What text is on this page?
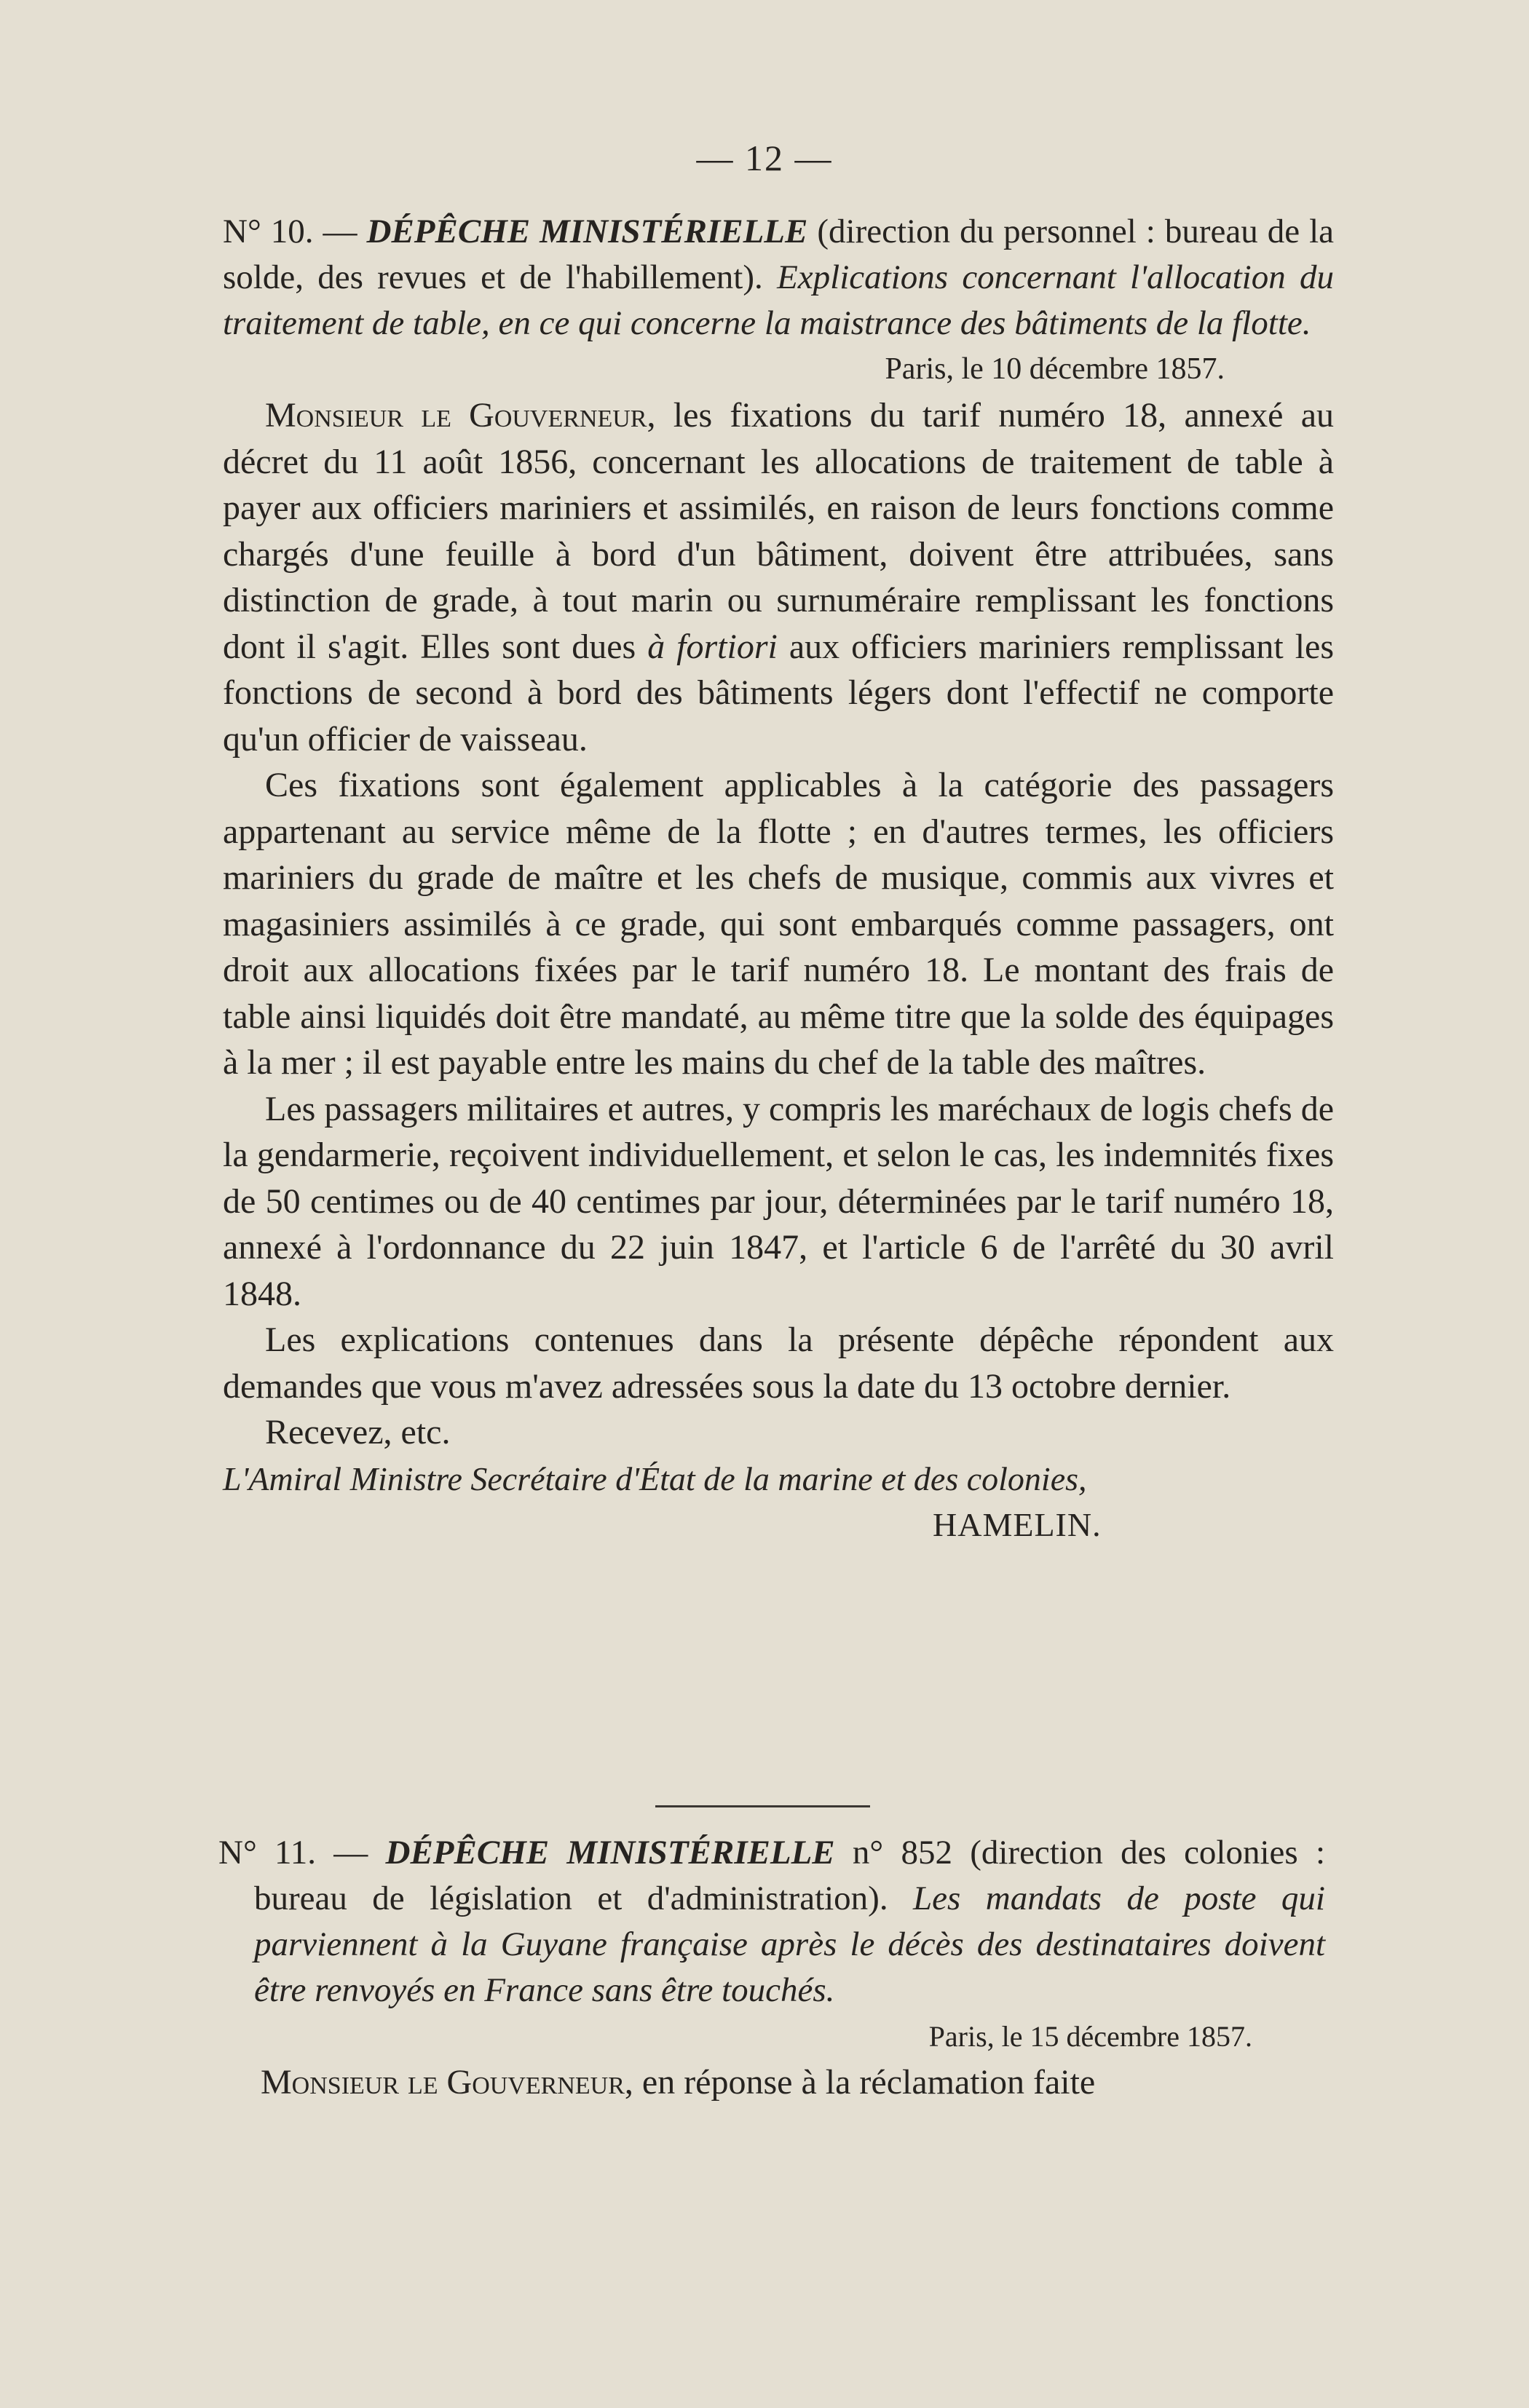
— 12 —

N° 10. — DÉPÊCHE MINISTÉRIELLE (direction du personnel : bureau de la solde, des revues et de l'habillement). Explications concernant l'allocation du traitement de table, en ce qui concerne la maistrance des bâtiments de la flotte.

Paris, le 10 décembre 1857.

Monsieur le Gouverneur, les fixations du tarif numéro 18, annexé au décret du 11 août 1856, concernant les allocations de traitement de table à payer aux officiers mariniers et assimilés, en raison de leurs fonctions comme chargés d'une feuille à bord d'un bâtiment, doivent être attribuées, sans distinction de grade, à tout marin ou surnuméraire remplissant les fonctions dont il s'agit. Elles sont dues à fortiori aux officiers mariniers remplissant les fonctions de second à bord des bâtiments légers dont l'effectif ne comporte qu'un officier de vaisseau.

Ces fixations sont également applicables à la catégorie des passagers appartenant au service même de la flotte ; en d'autres termes, les officiers mariniers du grade de maître et les chefs de musique, commis aux vivres et magasiniers assimilés à ce grade, qui sont embarqués comme passagers, ont droit aux allocations fixées par le tarif numéro 18. Le montant des frais de table ainsi liquidés doit être mandaté, au même titre que la solde des équipages à la mer ; il est payable entre les mains du chef de la table des maîtres.

Les passagers militaires et autres, y compris les maréchaux de logis chefs de la gendarmerie, reçoivent individuellement, et selon le cas, les indemnités fixes de 50 centimes ou de 40 centimes par jour, déterminées par le tarif numéro 18, annexé à l'ordonnance du 22 juin 1847, et l'article 6 de l'arrêté du 30 avril 1848.

Les explications contenues dans la présente dépêche répondent aux demandes que vous m'avez adressées sous la date du 13 octobre dernier.

Recevez, etc.

L'Amiral Ministre Secrétaire d'État de la marine et des colonies,

HAMELIN.

N° 11. — DÉPÊCHE MINISTÉRIELLE n° 852 (direction des colonies : bureau de législation et d'administration). Les mandats de poste qui parviennent à la Guyane française après le décès des destinataires doivent être renvoyés en France sans être touchés.

Paris, le 15 décembre 1857.

Monsieur le Gouverneur, en réponse à la réclamation faite
